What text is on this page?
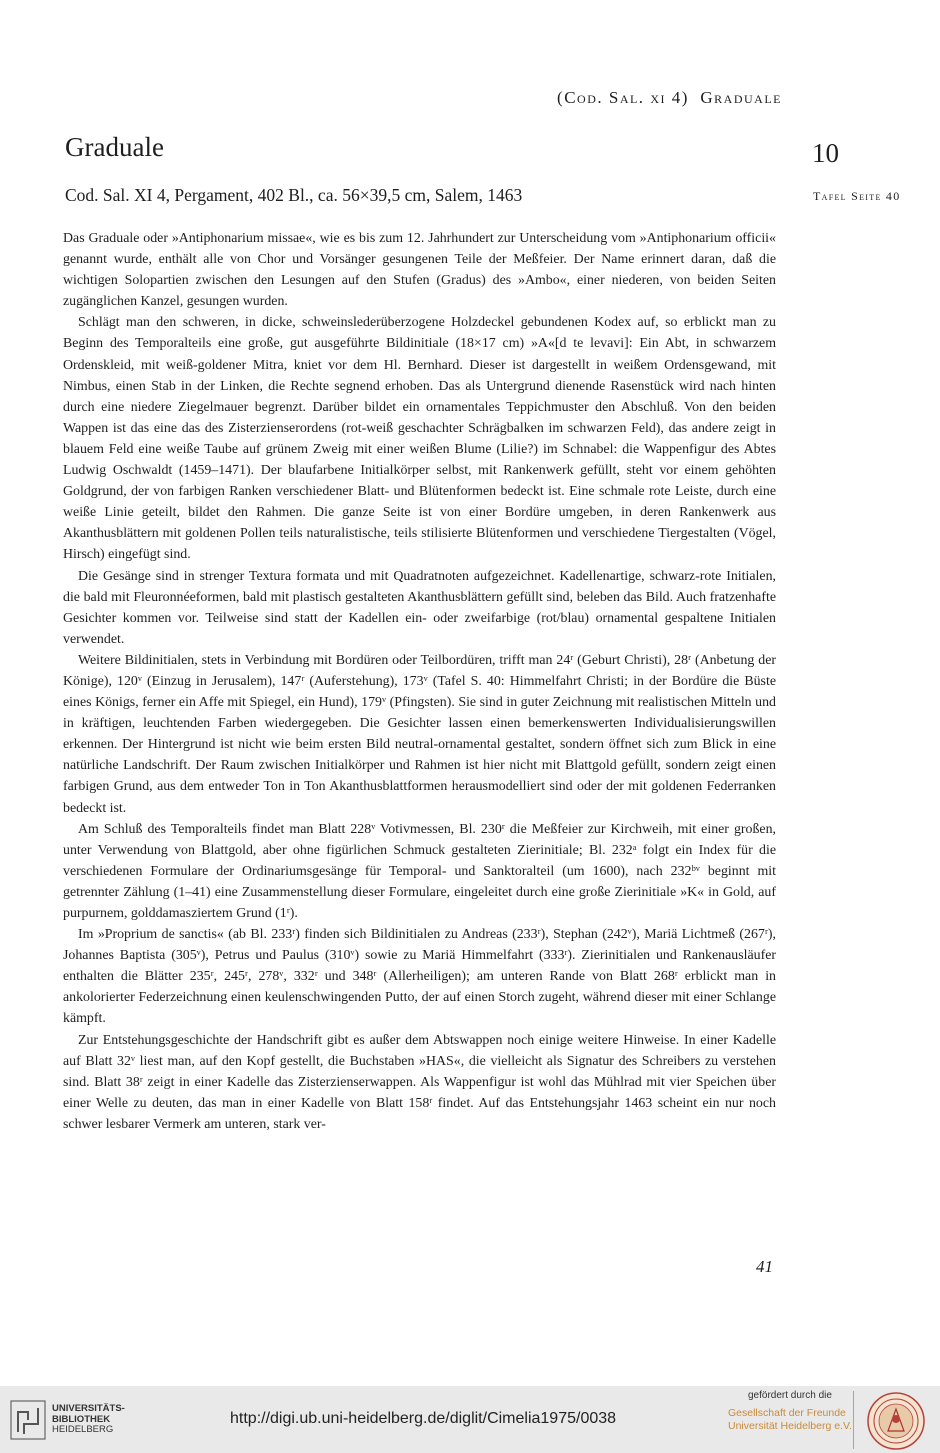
(Cod. Sal. xi 4) Graduale
Graduale	10
Cod. Sal. XI 4, Pergament, 402 Bl., ca. 56×39,5 cm, Salem, 1463	Tafel Seite 40

Das Graduale oder »Antiphonarium missae«, wie es bis zum 12. Jahrhundert zur Unterscheidung vom »Antiphonarium officii« genannt wurde, enthält alle von Chor und Vorsänger gesungenen Teile der Meßfeier. Der Name erinnert daran, daß die wichtigen Solopartien zwischen den Lesungen auf den Stufen (Gradus) des »Ambo«, einer niederen, von beiden Seiten zugänglichen Kanzel, gesungen wurden.

Schlägt man den schweren, in dicke, schweinslederüberzogene Holzdeckel gebundenen Kodex auf, so erblickt man zu Beginn des Temporalteils eine große, gut ausgeführte Bildinitiale (18×17 cm) »A«[d te levavi]: Ein Abt, in schwarzem Ordenskleid, mit weiß-goldener Mitra, kniet vor dem Hl. Bernhard. Dieser ist dargestellt in weißem Ordensgewand, mit Nimbus, einen Stab in der Linken, die Rechte segnend erhoben. Das als Untergrund dienende Rasenstück wird nach hinten durch eine niedere Ziegelmauer begrenzt. Darüber bildet ein ornamentales Teppichmuster den Abschluß. Von den beiden Wappen ist das eine das des Zisterzienserordens (rot-weiß geschachter Schrägbalken im schwarzen Feld), das andere zeigt in blauem Feld eine weiße Taube auf grünem Zweig mit einer weißen Blume (Lilie?) im Schnabel: die Wappenfigur des Abtes Ludwig Oschwaldt (1459–1471). Der blaufarbene Initialkörper selbst, mit Rankenwerk gefüllt, steht vor einem gehöhten Goldgrund, der von farbigen Ranken verschiedener Blatt- und Blütenformen bedeckt ist. Eine schmale rote Leiste, durch eine weiße Linie geteilt, bildet den Rahmen. Die ganze Seite ist von einer Bordüre umgeben, in deren Rankenwerk aus Akanthusblättern mit goldenen Pollen teils naturalistische, teils stilisierte Blütenformen und verschiedene Tiergestalten (Vögel, Hirsch) eingefügt sind.

Die Gesänge sind in strenger Textura formata und mit Quadratnoten aufgezeichnet. Kadellenartige, schwarz-rote Initialen, die bald mit Fleuronnéeformen, bald mit plastisch gestalteten Akanthusblättern gefüllt sind, beleben das Bild. Auch fratzenhafte Gesichter kommen vor. Teilweise sind statt der Kadellen ein- oder zweifarbige (rot/blau) ornamental gespaltene Initialen verwendet.

Weitere Bildinitialen, stets in Verbindung mit Bordüren oder Teilbordüren, trifft man 24ʳ (Geburt Christi), 28ʳ (Anbetung der Könige), 120ᵛ (Einzug in Jerusalem), 147ʳ (Auferstehung), 173ᵛ (Tafel S. 40: Himmelfahrt Christi; in der Bordüre die Büste eines Königs, ferner ein Affe mit Spiegel, ein Hund), 179ᵛ (Pfingsten). Sie sind in guter Zeichnung mit realistischen Mitteln und in kräftigen, leuchtenden Farben wiedergegeben. Die Gesichter lassen einen bemerkenswerten Individualisierungswillen erkennen. Der Hintergrund ist nicht wie beim ersten Bild neutral-ornamental gestaltet, sondern öffnet sich zum Blick in eine natürliche Landschrift. Der Raum zwischen Initialkörper und Rahmen ist hier nicht mit Blattgold gefüllt, sondern zeigt einen farbigen Grund, aus dem entweder Ton in Ton Akanthusblattformen herausmodelliert sind oder der mit goldenen Federranken bedeckt ist.

Am Schluß des Temporalteils findet man Blatt 228ᵛ Votivmessen, Bl. 230ʳ die Meßfeier zur Kirchweih, mit einer großen, unter Verwendung von Blattgold, aber ohne figürlichen Schmuck gestalteten Zierinitiale; Bl. 232ᵃ folgt ein Index für die verschiedenen Formulare der Ordinariumsgesänge für Temporal- und Sanktoralteil (um 1600), nach 232ᵇᵛ beginnt mit getrennter Zählung (1–41) eine Zusammenstellung dieser Formulare, eingeleitet durch eine große Zierinitiale »K« in Gold, auf purpurnem, golddamasziertem Grund (1ʳ).

Im »Proprium de sanctis« (ab Bl. 233ʳ) finden sich Bildinitialen zu Andreas (233ʳ), Stephan (242ᵛ), Mariä Lichtmeß (267ʳ), Johannes Baptista (305ᵛ), Petrus und Paulus (310ᵛ) sowie zu Mariä Himmelfahrt (333ʳ). Zierinitialen und Rankenausläufer enthalten die Blätter 235ʳ, 245ʳ, 278ᵛ, 332ʳ und 348ʳ (Allerheiligen); am unteren Rande von Blatt 268ʳ erblickt man in ankolorierter Federzeichnung einen keulenschwingenden Putto, der auf einen Storch zugeht, während dieser mit einer Schlange kämpft.

Zur Entstehungsgeschichte der Handschrift gibt es außer dem Abtswappen noch einige weitere Hinweise. In einer Kadelle auf Blatt 32ᵛ liest man, auf den Kopf gestellt, die Buchstaben »HAS«, die vielleicht als Signatur des Schreibers zu verstehen sind. Blatt 38ʳ zeigt in einer Kadelle das Zisterzienserwappen. Als Wappenfigur ist wohl das Mühlrad mit vier Speichen über einer Welle zu deuten, das man in einer Kadelle von Blatt 158ʳ findet. Auf das Entstehungsjahr 1463 scheint ein nur noch schwer lesbarer Vermerk am unteren, stark ver-

41
UNIVERSITÄTS-
BIBLIOTHEK
HEIDELBERG
http://digi.ub.uni-heidelberg.de/diglit/Cimelia1975/0038
gefördert durch die
Gesellschaft der Freunde
Universität Heidelberg e.V.
